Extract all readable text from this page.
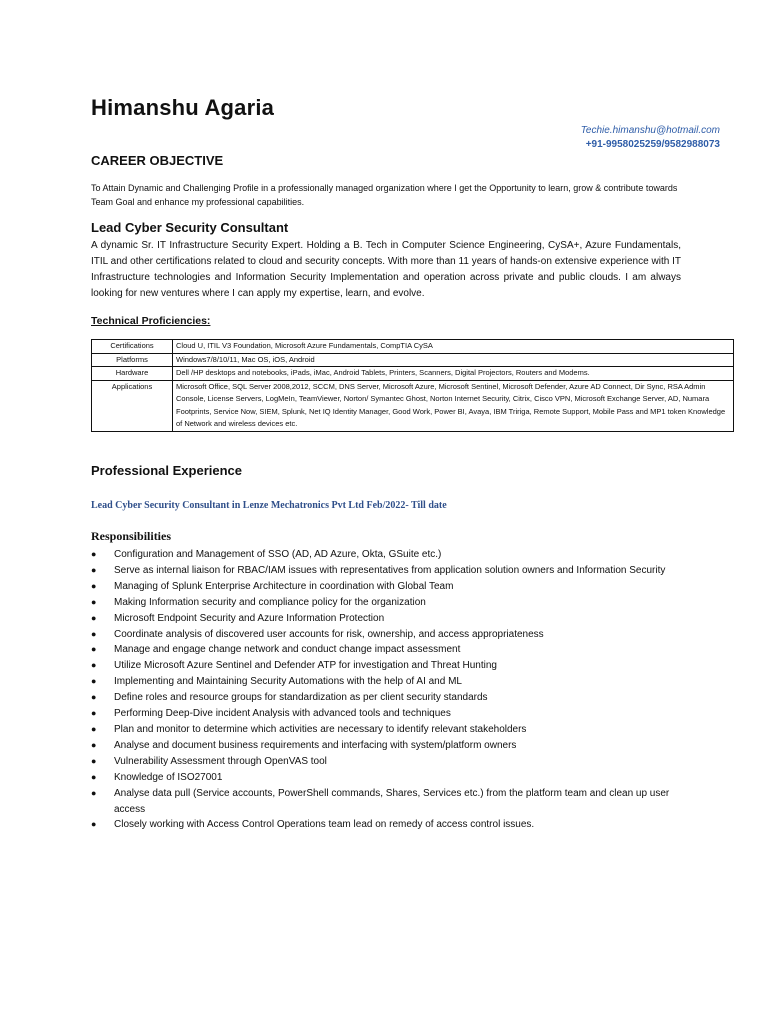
Himanshu Agaria
Techie.himanshu@hotmail.com
+91-9958025259/9582988073
CAREER OBJECTIVE

To Attain Dynamic and Challenging Profile in a professionally managed organization where I get the Opportunity to learn, grow & contribute towards Team Goal and enhance my professional capabilities.

Lead Cyber Security Consultant

A dynamic Sr. IT Infrastructure Security Expert. Holding a B. Tech in Computer Science Engineering, CySA+, Azure Fundamentals, ITIL and other certifications related to cloud and security concepts. With more than 11 years of hands-on extensive experience with IT Infrastructure technologies and Information Security Implementation and operation across private and public clouds. I am always looking for new ventures where I can apply my expertise, learn, and evolve.

Technical Proficiencies:
Certifications	Cloud U, ITIL V3 Foundation, Microsoft Azure Fundamentals, CompTIA CySA
Platforms	Windows7/8/10/11, Mac OS, iOS, Android
Hardware	Dell /HP desktops and notebooks, iPads, iMac, Android Tablets, Printers, Scanners, Digital Projectors, Routers and Modems.
Applications	Microsoft Office, SQL Server 2008,2012, SCCM, DNS Server, Microsoft Azure, Microsoft Sentinel, Microsoft Defender, Azure AD Connect, Dir Sync, RSA Admin Console, License Servers, LogMeIn, TeamViewer, Norton/ Symantec Ghost, Norton Internet Security, Citrix, Cisco VPN, Microsoft Exchange Server, AD, Numara Footprints, Service Now, SIEM, Splunk, Net IQ Identity Manager, Good Work, Power BI, Avaya, IBM Tririga, Remote Support, Mobile Pass and MP1 token Knowledge of Network and wireless devices etc.
Professional Experience
Lead Cyber Security Consultant in Lenze Mechatronics Pvt Ltd Feb/2022- Till date
Responsibilities
● Configuration and Management of SSO (AD, AD Azure, Okta, GSuite etc.)
● Serve as internal liaison for RBAC/IAM issues with representatives from application solution owners and Information Security
● Managing of Splunk Enterprise Architecture in coordination with Global Team
● Making Information security and compliance policy for the organization
● Microsoft Endpoint Security and Azure Information Protection
● Coordinate analysis of discovered user accounts for risk, ownership, and access appropriateness
● Manage and engage change network and conduct change impact assessment
● Utilize Microsoft Azure Sentinel and Defender ATP for investigation and Threat Hunting
● Implementing and Maintaining Security Automations with the help of AI and ML
● Define roles and resource groups for standardization as per client security standards
● Performing Deep-Dive incident Analysis with advanced tools and techniques
● Plan and monitor to determine which activities are necessary to identify relevant stakeholders
● Analyse and document business requirements and interfacing with system/platform owners
● Vulnerability Assessment through OpenVAS tool
● Knowledge of ISO27001
● Analyse data pull (Service accounts, PowerShell commands, Shares, Services etc.) from the platform team and clean up user access
● Closely working with Access Control Operations team lead on remedy of access control issues.
